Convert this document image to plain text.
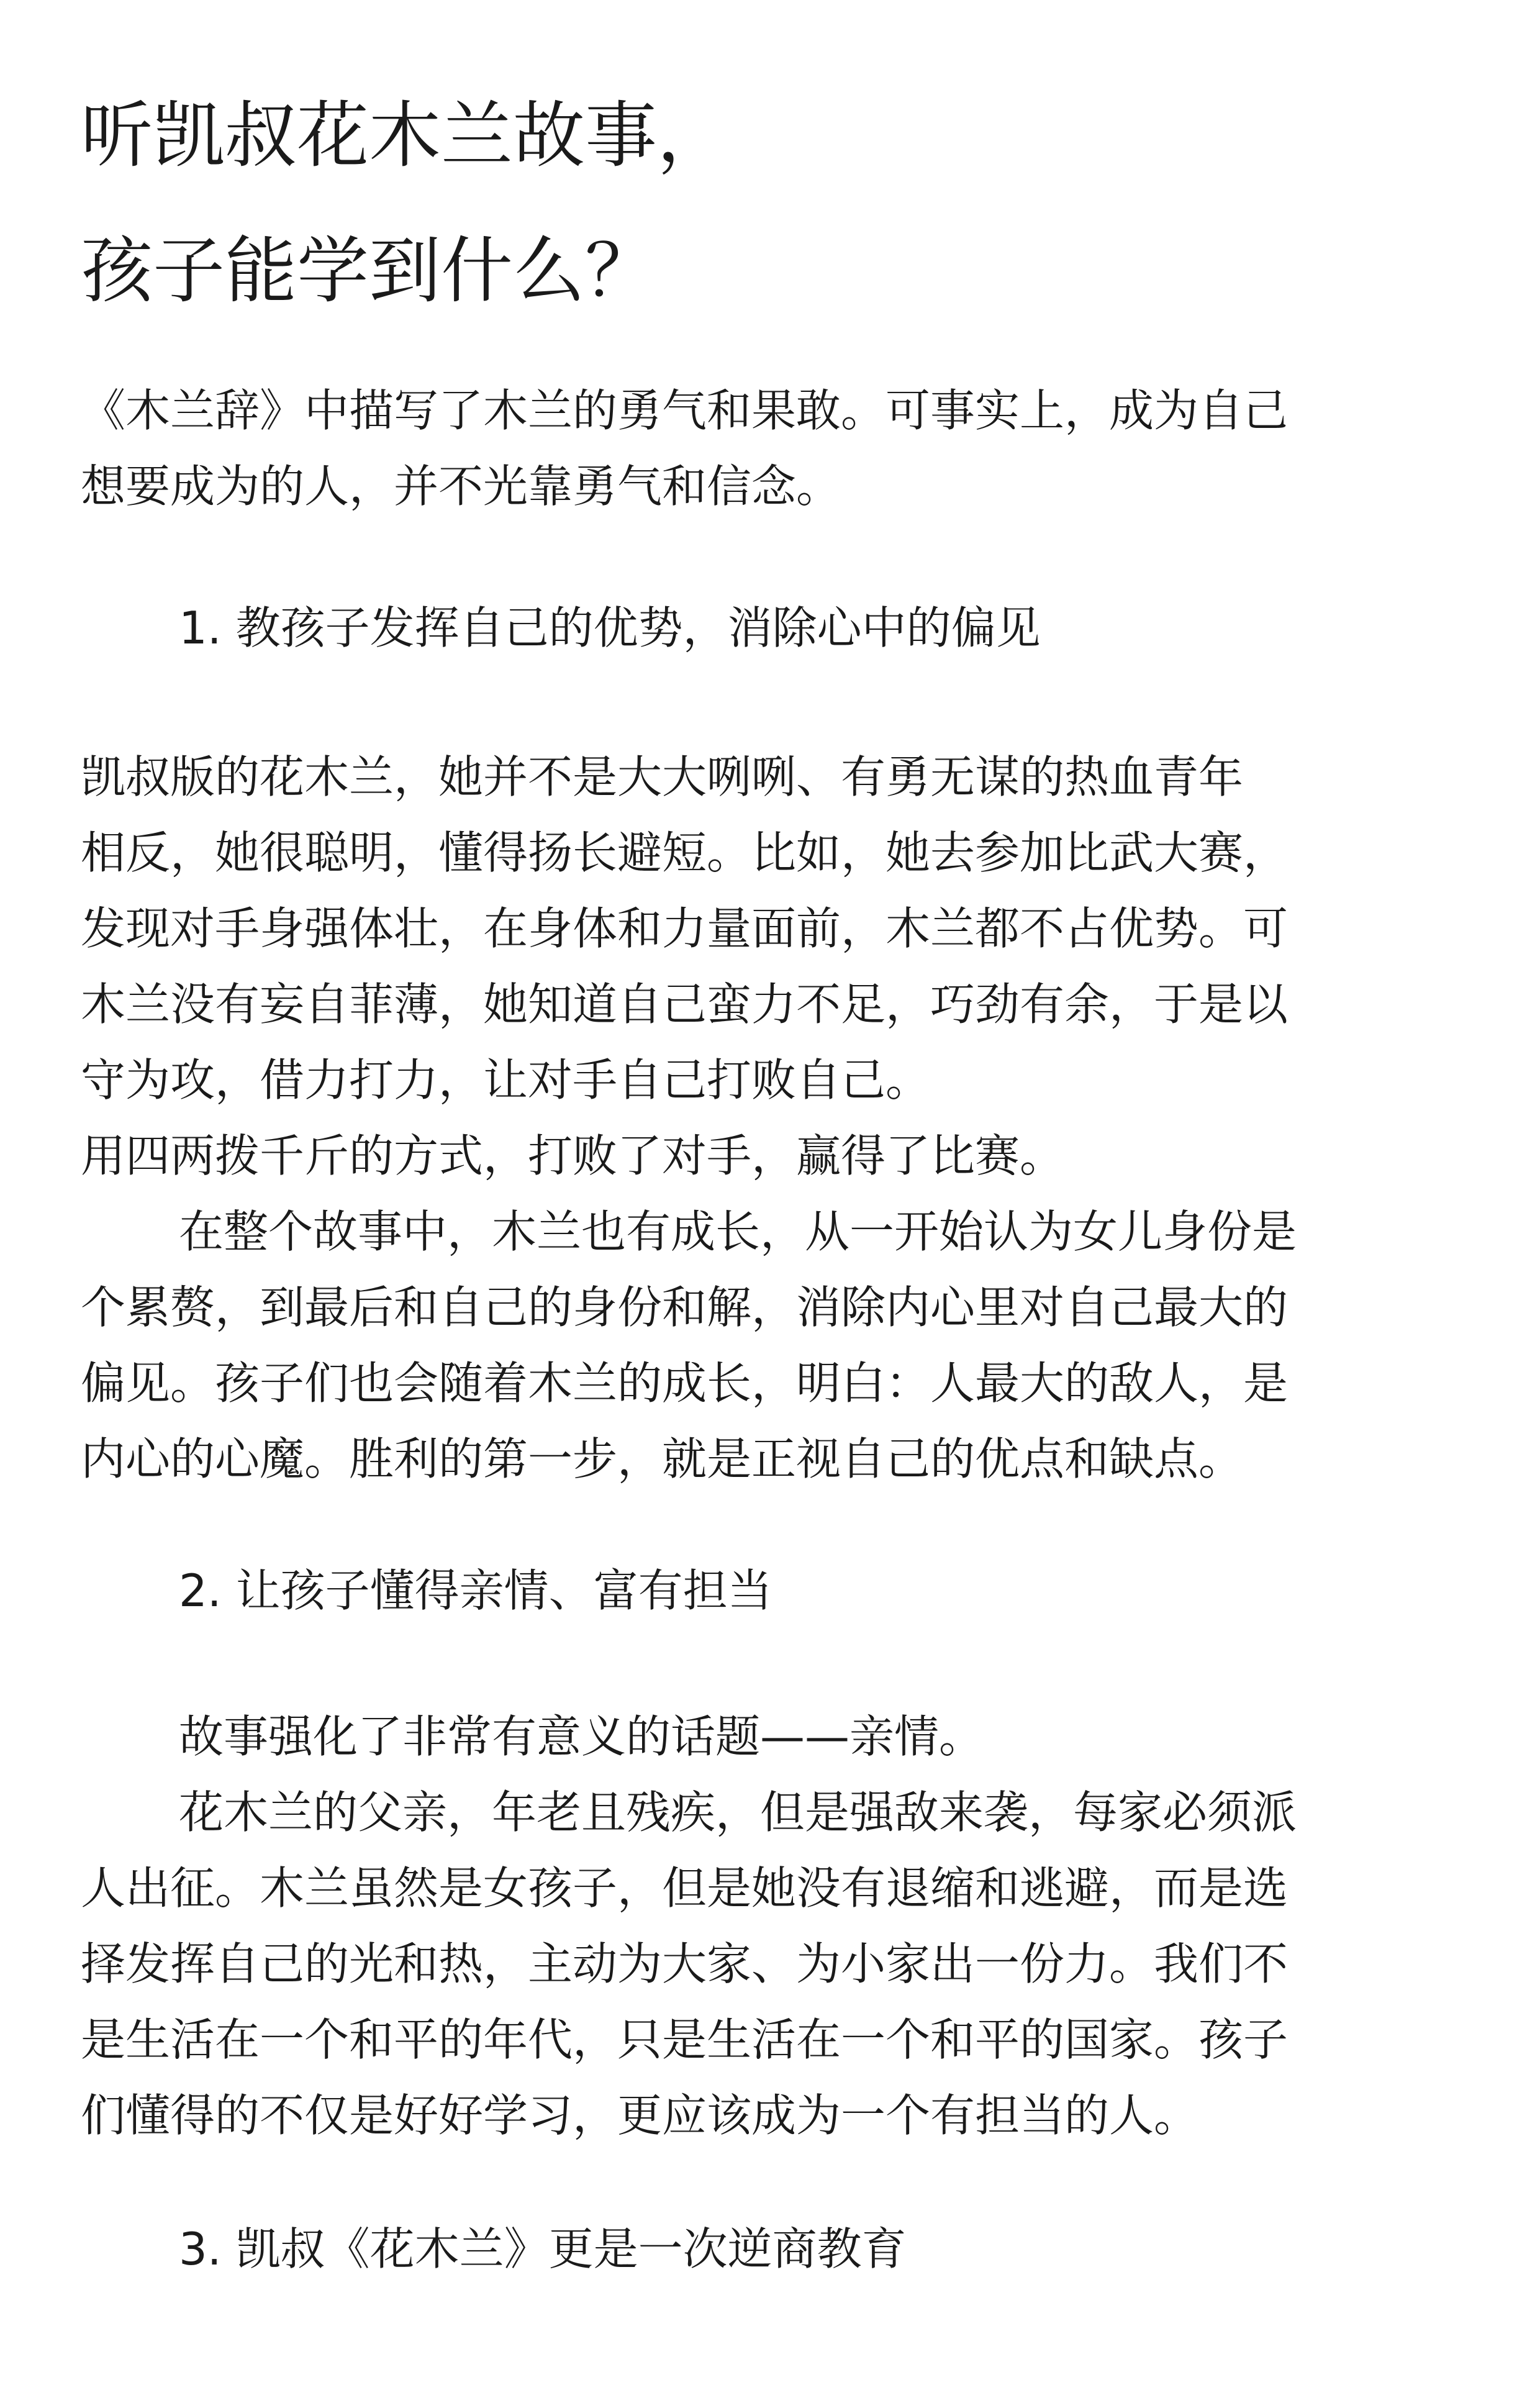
听凯叔花木兰故事，
孩子能学到什么？

《木兰辞》中描写了木兰的勇气和果敢。可事实上，成为自己
想要成为的人，并不光靠勇气和信念。

1. 教孩子发挥自己的优势，消除心中的偏见

凯叔版的花木兰，她并不是大大咧咧、有勇无谋的热血青年
相反，她很聪明，懂得扬长避短。比如，她去参加比武大赛，
发现对手身强体壮，在身体和力量面前，木兰都不占优势。可
木兰没有妄自菲薄，她知道自己蛮力不足，巧劲有余，于是以
守为攻，借力打力，让对手自己打败自己。
用四两拨千斤的方式，打败了对手，赢得了比赛。

在整个故事中，木兰也有成长，从一开始认为女儿身份是
个累赘，到最后和自己的身份和解，消除内心里对自己最大的
偏见。孩子们也会随着木兰的成长，明白：人最大的敌人，是
内心的心魔。胜利的第一步，就是正视自己的优点和缺点。

2. 让孩子懂得亲情、富有担当

故事强化了非常有意义的话题——亲情。

花木兰的父亲，年老且残疾，但是强敌来袭，每家必须派
人出征。木兰虽然是女孩子，但是她没有退缩和逃避，而是选
择发挥自己的光和热，主动为大家、为小家出一份力。我们不
是生活在一个和平的年代，只是生活在一个和平的国家。孩子
们懂得的不仅是好好学习，更应该成为一个有担当的人。

3. 凯叔《花木兰》更是一次逆商教育
